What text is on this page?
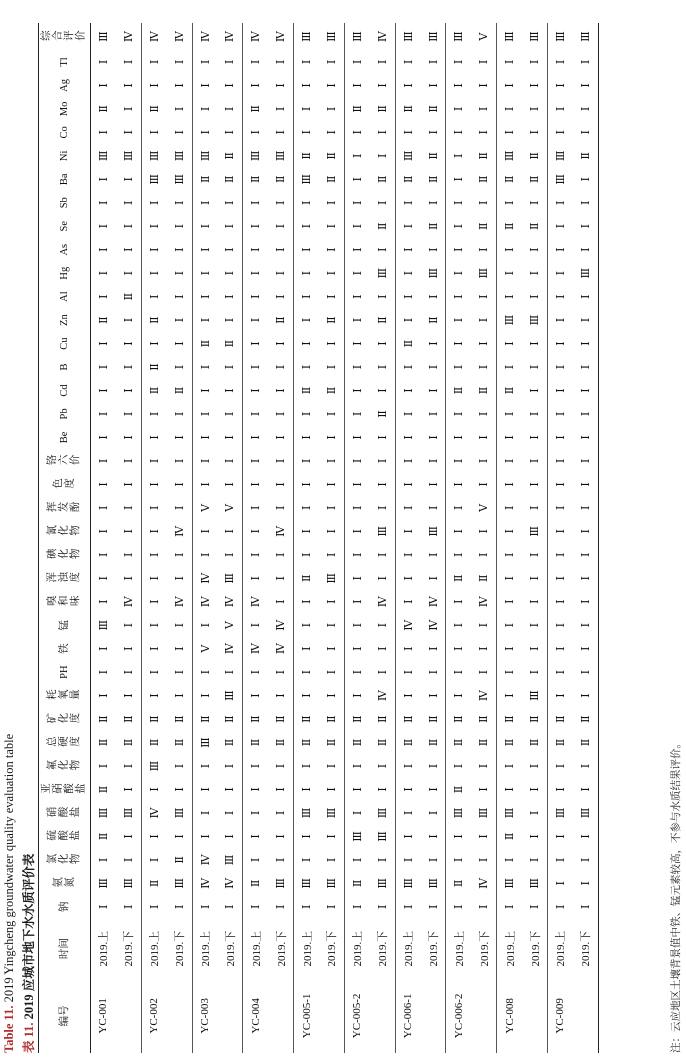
Table 11. 2019 Yingcheng groundwater quality evaluation table
表 11. 2019 应城市地下水水质评价表 编号	时间	钠	氨氮	氯化物	硫酸盐	硝酸盐	亚硝酸盐	氟化物	总硬度	矿化度	耗氧量	PH	铁	锰	嗅和味	浑浊度	碘化物	氰化物	挥发酚	色度	铬六价	Be	Pb	Cd	B	Cu	Zn	Al	Hg	As	Se	Sb	Ba	Ni	Co	Mo	Ag	Tl	综合评价
YC-001	2019.上	Ⅰ	Ⅲ	Ⅰ	Ⅱ	Ⅲ	Ⅱ	Ⅰ	Ⅱ	Ⅱ	Ⅰ	Ⅰ	Ⅰ	Ⅲ	Ⅰ	Ⅰ	Ⅰ	Ⅰ	Ⅰ	Ⅰ	Ⅰ	Ⅰ	Ⅰ	Ⅰ	Ⅰ	Ⅰ	Ⅱ	Ⅰ	Ⅰ	Ⅰ	Ⅰ	Ⅰ	Ⅰ	Ⅲ	Ⅰ	Ⅱ	Ⅰ	Ⅰ	Ⅲ
	2019.下	Ⅰ	Ⅲ	Ⅰ	Ⅰ	Ⅲ	Ⅰ	Ⅰ	Ⅱ	Ⅱ	Ⅰ	Ⅰ	Ⅰ	Ⅰ	Ⅳ	Ⅰ	Ⅰ	Ⅰ	Ⅰ	Ⅰ	Ⅰ	Ⅰ	Ⅰ	Ⅰ	Ⅰ	Ⅰ	Ⅰ	Ⅱ	Ⅰ	Ⅰ	Ⅰ	Ⅰ	Ⅰ	Ⅲ	Ⅰ	Ⅰ	Ⅰ	Ⅰ	Ⅳ
YC-002	2019.上	Ⅰ	Ⅱ	Ⅰ	Ⅰ	Ⅳ	Ⅰ	Ⅲ	Ⅱ	Ⅱ	Ⅰ	Ⅰ	Ⅰ	Ⅰ	Ⅰ	Ⅰ	Ⅰ	Ⅰ	Ⅰ	Ⅰ	Ⅰ	Ⅰ	Ⅰ	Ⅱ	Ⅱ	Ⅰ	Ⅱ	Ⅰ	Ⅰ	Ⅰ	Ⅰ	Ⅰ	Ⅲ	Ⅲ	Ⅰ	Ⅱ	Ⅰ	Ⅰ	Ⅳ
	2019.下	Ⅰ	Ⅲ	Ⅱ	Ⅰ	Ⅲ	Ⅰ	Ⅰ	Ⅱ	Ⅱ	Ⅰ	Ⅰ	Ⅰ	Ⅰ	Ⅳ	Ⅰ	Ⅰ	Ⅳ	Ⅰ	Ⅰ	Ⅰ	Ⅰ	Ⅰ	Ⅱ	Ⅰ	Ⅰ	Ⅰ	Ⅰ	Ⅰ	Ⅰ	Ⅰ	Ⅰ	Ⅲ	Ⅲ	Ⅰ	Ⅰ	Ⅰ	Ⅰ	Ⅳ
YC-003	2019.上	Ⅰ	Ⅳ	Ⅳ	Ⅰ	Ⅰ	Ⅰ	Ⅰ	Ⅲ	Ⅱ	Ⅰ	Ⅰ	Ⅴ	Ⅰ	Ⅳ	Ⅳ	Ⅰ	Ⅰ	Ⅴ	Ⅰ	Ⅰ	Ⅰ	Ⅰ	Ⅰ	Ⅰ	Ⅱ	Ⅰ	Ⅰ	Ⅰ	Ⅰ	Ⅰ	Ⅰ	Ⅱ	Ⅲ	Ⅰ	Ⅰ	Ⅰ	Ⅰ	Ⅳ
	2019.下	Ⅰ	Ⅳ	Ⅲ	Ⅰ	Ⅰ	Ⅰ	Ⅰ	Ⅱ	Ⅱ	Ⅲ	Ⅰ	Ⅳ	Ⅴ	Ⅳ	Ⅲ	Ⅰ	Ⅰ	Ⅴ	Ⅰ	Ⅰ	Ⅰ	Ⅰ	Ⅰ	Ⅰ	Ⅱ	Ⅰ	Ⅰ	Ⅰ	Ⅰ	Ⅰ	Ⅰ	Ⅱ	Ⅱ	Ⅰ	Ⅰ	Ⅰ	Ⅰ	Ⅳ
YC-004	2019.上	Ⅰ	Ⅱ	Ⅰ	Ⅰ	Ⅰ	Ⅰ	Ⅰ	Ⅱ	Ⅱ	Ⅰ	Ⅰ	Ⅳ	Ⅰ	Ⅳ	Ⅰ	Ⅰ	Ⅰ	Ⅰ	Ⅰ	Ⅰ	Ⅰ	Ⅰ	Ⅰ	Ⅰ	Ⅰ	Ⅰ	Ⅰ	Ⅰ	Ⅰ	Ⅰ	Ⅰ	Ⅱ	Ⅲ	Ⅰ	Ⅱ	Ⅰ	Ⅰ	Ⅳ
	2019.下	Ⅰ	Ⅲ	Ⅰ	Ⅰ	Ⅰ	Ⅰ	Ⅰ	Ⅱ	Ⅱ	Ⅰ	Ⅰ	Ⅳ	Ⅳ	Ⅰ	Ⅰ	Ⅰ	Ⅳ	Ⅰ	Ⅰ	Ⅰ	Ⅰ	Ⅰ	Ⅰ	Ⅰ	Ⅰ	Ⅱ	Ⅰ	Ⅰ	Ⅰ	Ⅰ	Ⅰ	Ⅱ	Ⅲ	Ⅰ	Ⅰ	Ⅰ	Ⅰ	Ⅳ
YC-005-1	2019.上	Ⅰ	Ⅲ	Ⅰ	Ⅰ	Ⅲ	Ⅰ	Ⅰ	Ⅱ	Ⅱ	Ⅰ	Ⅰ	Ⅰ	Ⅰ	Ⅰ	Ⅱ	Ⅰ	Ⅰ	Ⅰ	Ⅰ	Ⅰ	Ⅰ	Ⅰ	Ⅱ	Ⅰ	Ⅰ	Ⅰ	Ⅰ	Ⅰ	Ⅰ	Ⅰ	Ⅰ	Ⅲ	Ⅱ	Ⅰ	Ⅰ	Ⅰ	Ⅰ	Ⅲ
	2019.下	Ⅰ	Ⅲ	Ⅰ	Ⅰ	Ⅲ	Ⅰ	Ⅰ	Ⅱ	Ⅱ	Ⅰ	Ⅰ	Ⅰ	Ⅰ	Ⅰ	Ⅲ	Ⅰ	Ⅰ	Ⅰ	Ⅰ	Ⅰ	Ⅰ	Ⅰ	Ⅱ	Ⅰ	Ⅰ	Ⅱ	Ⅰ	Ⅰ	Ⅰ	Ⅰ	Ⅰ	Ⅱ	Ⅱ	Ⅰ	Ⅰ	Ⅰ	Ⅰ	Ⅲ
YC-005-2	2019.上	Ⅰ	Ⅱ	Ⅰ	Ⅲ	Ⅰ	Ⅰ	Ⅰ	Ⅱ	Ⅱ	Ⅰ	Ⅰ	Ⅰ	Ⅰ	Ⅰ	Ⅰ	Ⅰ	Ⅰ	Ⅰ	Ⅰ	Ⅰ	Ⅰ	Ⅰ	Ⅰ	Ⅰ	Ⅰ	Ⅰ	Ⅰ	Ⅰ	Ⅰ	Ⅰ	Ⅰ	Ⅰ	Ⅰ	Ⅰ	Ⅱ	Ⅰ	Ⅰ	Ⅲ
	2019.下	Ⅰ	Ⅲ	Ⅰ	Ⅲ	Ⅲ	Ⅰ	Ⅰ	Ⅱ	Ⅱ	Ⅳ	Ⅰ	Ⅰ	Ⅰ	Ⅳ	Ⅰ	Ⅰ	Ⅲ	Ⅰ	Ⅰ	Ⅰ	Ⅰ	Ⅱ	Ⅰ	Ⅰ	Ⅰ	Ⅱ	Ⅰ	Ⅲ	Ⅰ	Ⅱ	Ⅰ	Ⅱ	Ⅰ	Ⅰ	Ⅱ	Ⅰ	Ⅰ	Ⅳ
YC-006-1	2019.上	Ⅰ	Ⅲ	Ⅰ	Ⅰ	Ⅰ	Ⅰ	Ⅰ	Ⅱ	Ⅱ	Ⅰ	Ⅰ	Ⅰ	Ⅳ	Ⅰ	Ⅰ	Ⅰ	Ⅰ	Ⅰ	Ⅰ	Ⅰ	Ⅰ	Ⅰ	Ⅰ	Ⅰ	Ⅱ	Ⅰ	Ⅰ	Ⅰ	Ⅰ	Ⅰ	Ⅰ	Ⅱ	Ⅲ	Ⅰ	Ⅱ	Ⅰ	Ⅰ	Ⅲ
	2019.下	Ⅰ	Ⅲ	Ⅰ	Ⅰ	Ⅰ	Ⅰ	Ⅰ	Ⅱ	Ⅱ	Ⅰ	Ⅰ	Ⅰ	Ⅳ	Ⅳ	Ⅰ	Ⅰ	Ⅲ	Ⅰ	Ⅰ	Ⅰ	Ⅰ	Ⅰ	Ⅰ	Ⅰ	Ⅰ	Ⅱ	Ⅰ	Ⅲ	Ⅰ	Ⅱ	Ⅰ	Ⅱ	Ⅱ	Ⅰ	Ⅱ	Ⅰ	Ⅰ	Ⅲ
YC-006-2	2019.上	Ⅰ	Ⅱ	Ⅰ	Ⅰ	Ⅲ	Ⅱ	Ⅰ	Ⅱ	Ⅱ	Ⅰ	Ⅰ	Ⅰ	Ⅰ	Ⅰ	Ⅱ	Ⅰ	Ⅰ	Ⅰ	Ⅰ	Ⅰ	Ⅰ	Ⅰ	Ⅱ	Ⅰ	Ⅰ	Ⅰ	Ⅰ	Ⅰ	Ⅰ	Ⅰ	Ⅰ	Ⅰ	Ⅰ	Ⅰ	Ⅰ	Ⅰ	Ⅰ	Ⅲ
	2019.下	Ⅰ	Ⅳ	Ⅰ	Ⅰ	Ⅲ	Ⅰ	Ⅰ	Ⅱ	Ⅱ	Ⅳ	Ⅰ	Ⅰ	Ⅰ	Ⅳ	Ⅱ	Ⅰ	Ⅰ	Ⅴ	Ⅰ	Ⅰ	Ⅰ	Ⅰ	Ⅱ	Ⅰ	Ⅰ	Ⅰ	Ⅰ	Ⅲ	Ⅰ	Ⅱ	Ⅰ	Ⅱ	Ⅱ	Ⅰ	Ⅰ	Ⅰ	Ⅰ	Ⅴ
YC-008	2019.上	Ⅰ	Ⅲ	Ⅰ	Ⅱ	Ⅲ	Ⅰ	Ⅰ	Ⅱ	Ⅱ	Ⅰ	Ⅰ	Ⅰ	Ⅰ	Ⅰ	Ⅰ	Ⅰ	Ⅰ	Ⅰ	Ⅰ	Ⅰ	Ⅰ	Ⅰ	Ⅱ	Ⅰ	Ⅰ	Ⅲ	Ⅰ	Ⅰ	Ⅰ	Ⅱ	Ⅰ	Ⅱ	Ⅲ	Ⅰ	Ⅰ	Ⅰ	Ⅰ	Ⅲ
	2019.下	Ⅰ	Ⅲ	Ⅰ	Ⅰ	Ⅰ	Ⅰ	Ⅰ	Ⅱ	Ⅱ	Ⅲ	Ⅰ	Ⅰ	Ⅰ	Ⅰ	Ⅰ	Ⅰ	Ⅲ	Ⅰ	Ⅰ	Ⅰ	Ⅰ	Ⅰ	Ⅰ	Ⅰ	Ⅰ	Ⅲ	Ⅰ	Ⅰ	Ⅰ	Ⅱ	Ⅰ	Ⅱ	Ⅱ	Ⅰ	Ⅰ	Ⅰ	Ⅰ	Ⅲ
YC-009	2019.上	Ⅰ	Ⅰ	Ⅰ	Ⅰ	Ⅲ	Ⅰ	Ⅰ	Ⅱ	Ⅱ	Ⅰ	Ⅰ	Ⅰ	Ⅰ	Ⅰ	Ⅰ	Ⅰ	Ⅰ	Ⅰ	Ⅰ	Ⅰ	Ⅰ	Ⅰ	Ⅰ	Ⅰ	Ⅰ	Ⅰ	Ⅰ	Ⅰ	Ⅰ	Ⅰ	Ⅰ	Ⅲ	Ⅲ	Ⅰ	Ⅰ	Ⅰ	Ⅰ	Ⅲ
	2019.下	Ⅰ	Ⅰ	Ⅰ	Ⅰ	Ⅲ	Ⅰ	Ⅰ	Ⅱ	Ⅱ	Ⅰ	Ⅰ	Ⅰ	Ⅰ	Ⅰ	Ⅰ	Ⅰ	Ⅰ	Ⅰ	Ⅰ	Ⅰ	Ⅰ	Ⅰ	Ⅰ	Ⅰ	Ⅰ	Ⅰ	Ⅰ	Ⅲ	Ⅰ	Ⅰ	Ⅰ	Ⅰ	Ⅱ	Ⅰ	Ⅰ	Ⅰ	Ⅰ	Ⅲ
注：云应地区土壤背景值中铁、锰元素较高，不参与水质结果评价。
